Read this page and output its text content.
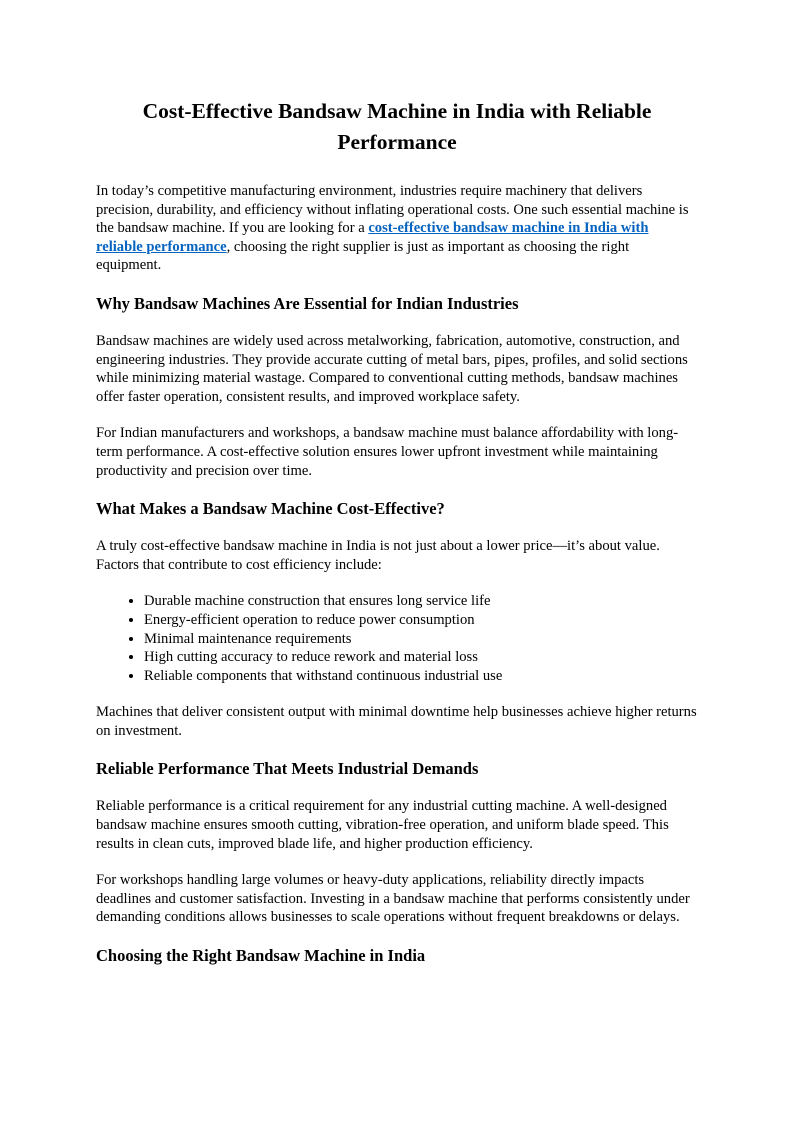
Cost-Effective Bandsaw Machine in India with Reliable Performance

In today’s competitive manufacturing environment, industries require machinery that delivers precision, durability, and efficiency without inflating operational costs. One such essential machine is the bandsaw machine. If you are looking for a cost-effective bandsaw machine in India with reliable performance, choosing the right supplier is just as important as choosing the right equipment.

Why Bandsaw Machines Are Essential for Indian Industries

Bandsaw machines are widely used across metalworking, fabrication, automotive, construction, and engineering industries. They provide accurate cutting of metal bars, pipes, profiles, and solid sections while minimizing material wastage. Compared to conventional cutting methods, bandsaw machines offer faster operation, consistent results, and improved workplace safety.

For Indian manufacturers and workshops, a bandsaw machine must balance affordability with long-term performance. A cost-effective solution ensures lower upfront investment while maintaining productivity and precision over time.

What Makes a Bandsaw Machine Cost-Effective?

A truly cost-effective bandsaw machine in India is not just about a lower price—it’s about value. Factors that contribute to cost efficiency include:

• Durable machine construction that ensures long service life
• Energy-efficient operation to reduce power consumption
• Minimal maintenance requirements
• High cutting accuracy to reduce rework and material loss
• Reliable components that withstand continuous industrial use

Machines that deliver consistent output with minimal downtime help businesses achieve higher returns on investment.

Reliable Performance That Meets Industrial Demands

Reliable performance is a critical requirement for any industrial cutting machine. A well-designed bandsaw machine ensures smooth cutting, vibration-free operation, and uniform blade speed. This results in clean cuts, improved blade life, and higher production efficiency.

For workshops handling large volumes or heavy-duty applications, reliability directly impacts deadlines and customer satisfaction. Investing in a bandsaw machine that performs consistently under demanding conditions allows businesses to scale operations without frequent breakdowns or delays.

Choosing the Right Bandsaw Machine in India
